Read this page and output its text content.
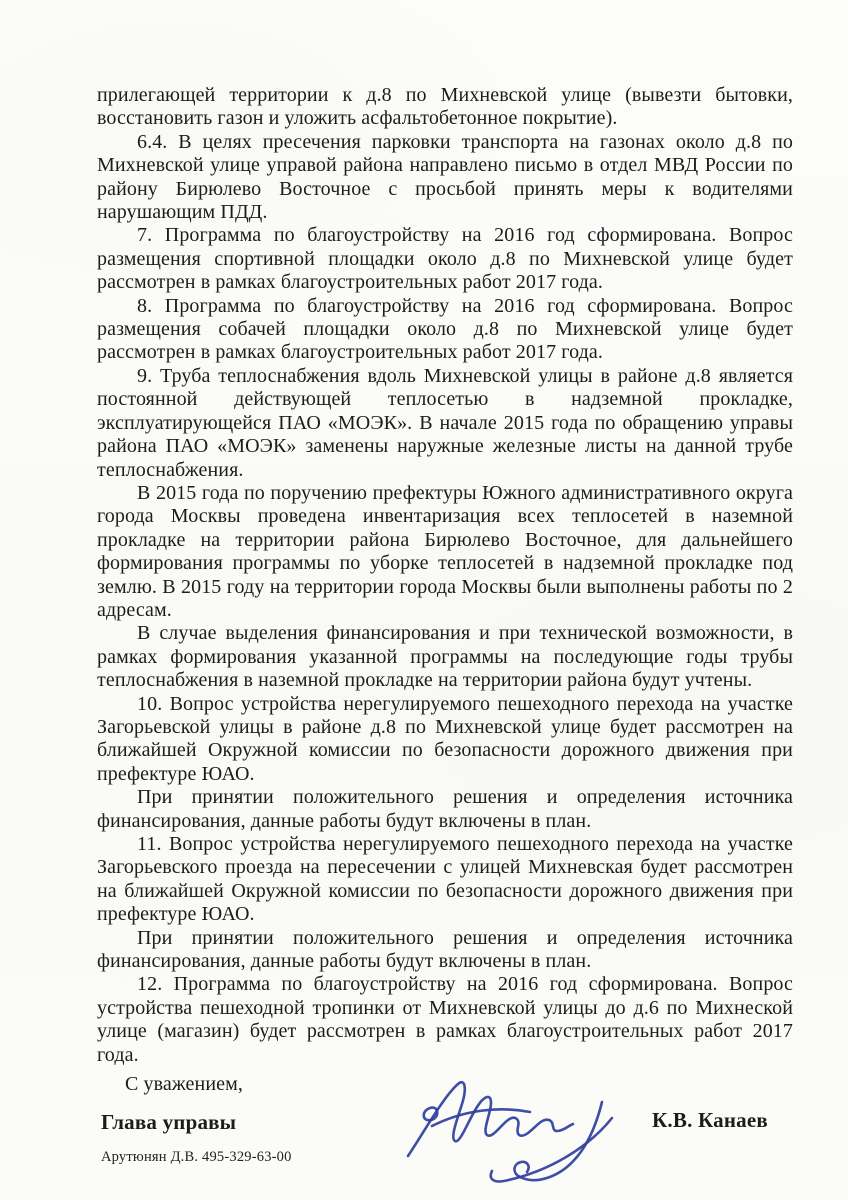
прилегающей территории к д.8 по Михневской улице (вывезти бытовки, восстановить газон и уложить асфальтобетонное покрытие).

6.4. В целях пресечения парковки транспорта на газонах около д.8 по Михневской улице управой района направлено письмо в отдел МВД России по району Бирюлево Восточное с просьбой принять меры к водителями нарушающим ПДД.

7. Программа по благоустройству на 2016 год сформирована. Вопрос размещения спортивной площадки около д.8 по Михневской улице будет рассмотрен в рамках благоустроительных работ 2017 года.

8. Программа по благоустройству на 2016 год сформирована. Вопрос размещения собачей площадки около д.8 по Михневской улице будет рассмотрен в рамках благоустроительных работ 2017 года.

9. Труба теплоснабжения вдоль Михневской улицы в районе д.8 является постоянной действующей теплосетью в надземной прокладке, эксплуатирующейся ПАО «МОЭК». В начале 2015 года по обращению управы района ПАО «МОЭК» заменены наружные железные листы на данной трубе теплоснабжения.

В 2015 года по поручению префектуры Южного административного округа города Москвы проведена инвентаризация всех теплосетей в наземной прокладке на территории района Бирюлево Восточное, для дальнейшего формирования программы по уборке теплосетей в надземной прокладке под землю. В 2015 году на территории города Москвы были выполнены работы по 2 адресам.

В случае выделения финансирования и при технической возможности, в рамках формирования указанной программы на последующие годы трубы теплоснабжения в наземной прокладке на территории района будут учтены.

10. Вопрос устройства нерегулируемого пешеходного перехода на участке Загорьевской улицы в районе д.8 по Михневской улице будет рассмотрен на ближайшей Окружной комиссии по безопасности дорожного движения при префектуре ЮАО.

При принятии положительного решения и определения источника финансирования, данные работы будут включены в план.

11. Вопрос устройства нерегулируемого пешеходного перехода на участке Загорьевского проезда на пересечении с улицей Михневская будет рассмотрен на ближайшей Окружной комиссии по безопасности дорожного движения при префектуре ЮАО.

При принятии положительного решения и определения источника финансирования, данные работы будут включены в план.

12. Программа по благоустройству на 2016 год сформирована. Вопрос устройства пешеходной тропинки от Михневской улицы до д.6 по Михнеской улице (магазин) будет рассмотрен в рамках благоустроительных работ 2017 года.

С уважением,

Глава управы	К.В. Канаев
Арутюнян Д.В. 495-329-63-00
